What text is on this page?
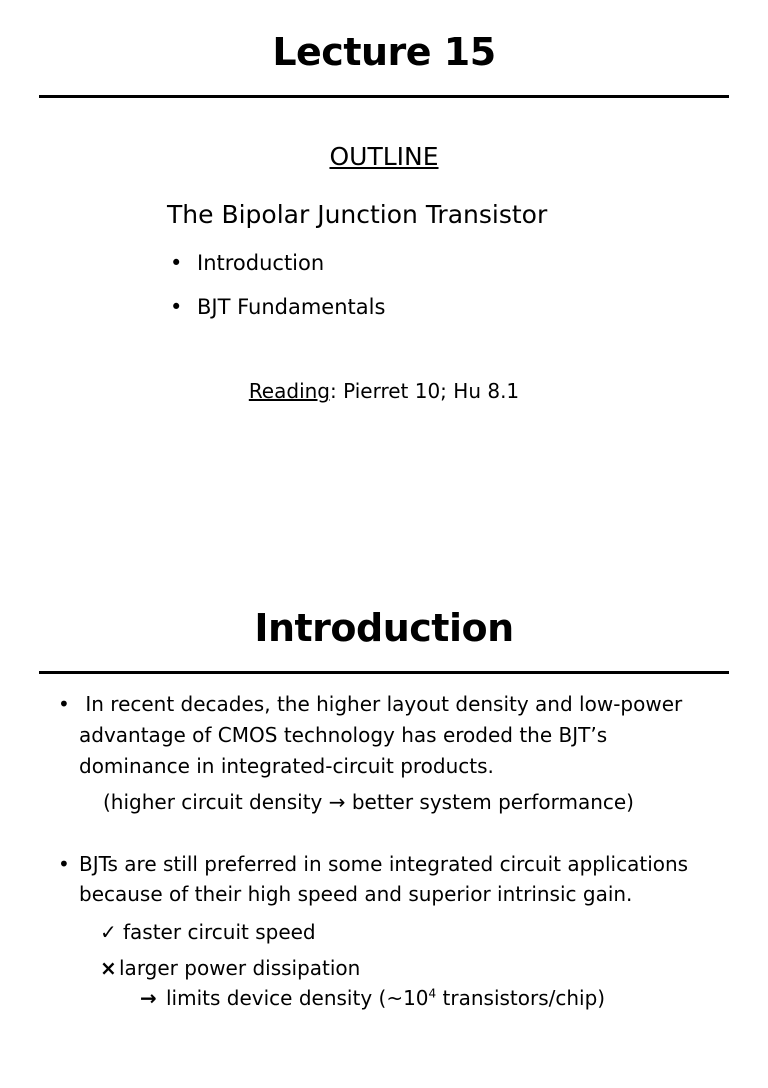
Lecture 15
OUTLINE
The Bipolar Junction Transistor
• Introduction
• BJT Fundamentals
Reading: Pierret 10; Hu 8.1
Introduction
• In recent decades, the higher layout density and low-power
advantage of CMOS technology has eroded the BJT’s
dominance in integrated-circuit products.
(higher circuit density → better system performance)
• BJTs are still preferred in some integrated circuit applications
because of their high speed and superior intrinsic gain.
✓ faster circuit speed
× larger power dissipation
→ limits device density ($\sim 10^4$ transistors/chip)
